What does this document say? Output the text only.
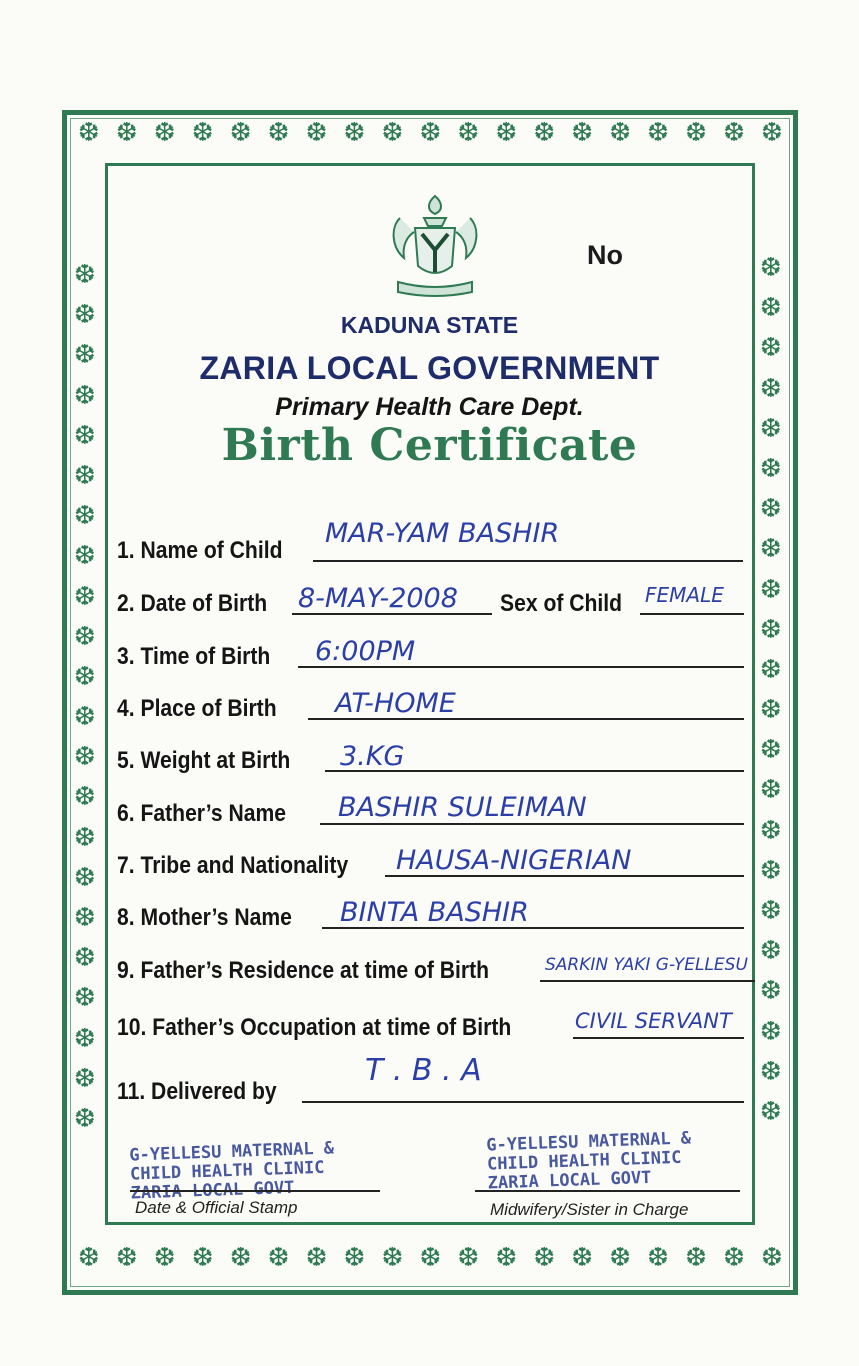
❆ ❆ ❆ ❆ ❆ ❆ ❆ ❆ ❆ ❆ ❆ ❆ ❆ ❆ ❆ ❆ ❆ ❆ ❆
❆ ❆ ❆ ❆ ❆ ❆ ❆ ❆ ❆ ❆ ❆ ❆ ❆ ❆ ❆ ❆ ❆ ❆ ❆
❆
❆
❆
❆
❆
❆
❆
❆
❆
❆
❆
❆
❆
❆
❆
❆
❆
❆
❆
❆
❆
❆
❆
❆
❆
❆
❆
❆
❆
❆
❆
❆
❆
❆
❆
❆
❆
❆
❆
❆
❆
❆
❆
❆
No
KADUNA STATE
ZARIA LOCAL GOVERNMENT
Primary Health Care Dept.
Birth Certificate
1. Name of Child
MAR-YAM BASHIR
2. Date of Birth 8-MAY-2008 Sex of Child FEMALE
3. Time of Birth 6:00PM
4. Place of Birth AT-HOME
5. Weight at Birth 3.KG
6. Father’s Name BASHIR SULEIMAN
7. Tribe and Nationality HAUSA-NIGERIAN
8. Mother’s Name BINTA BASHIR
9. Father’s Residence at time of Birth	SARKIN YAKI G-YELLESU
10. Father’s Occupation at time of Birth	CIVIL SERVANT
11. Delivered by
T . B . A
G-YELLESU MATERNAL &
CHILD HEALTH CLINIC
ZARIA LOCAL GOVT
Date & Official Stamp
G-YELLESU MATERNAL &
CHILD HEALTH CLINIC
ZARIA LOCAL GOVT
Midwifery/Sister in Charge
